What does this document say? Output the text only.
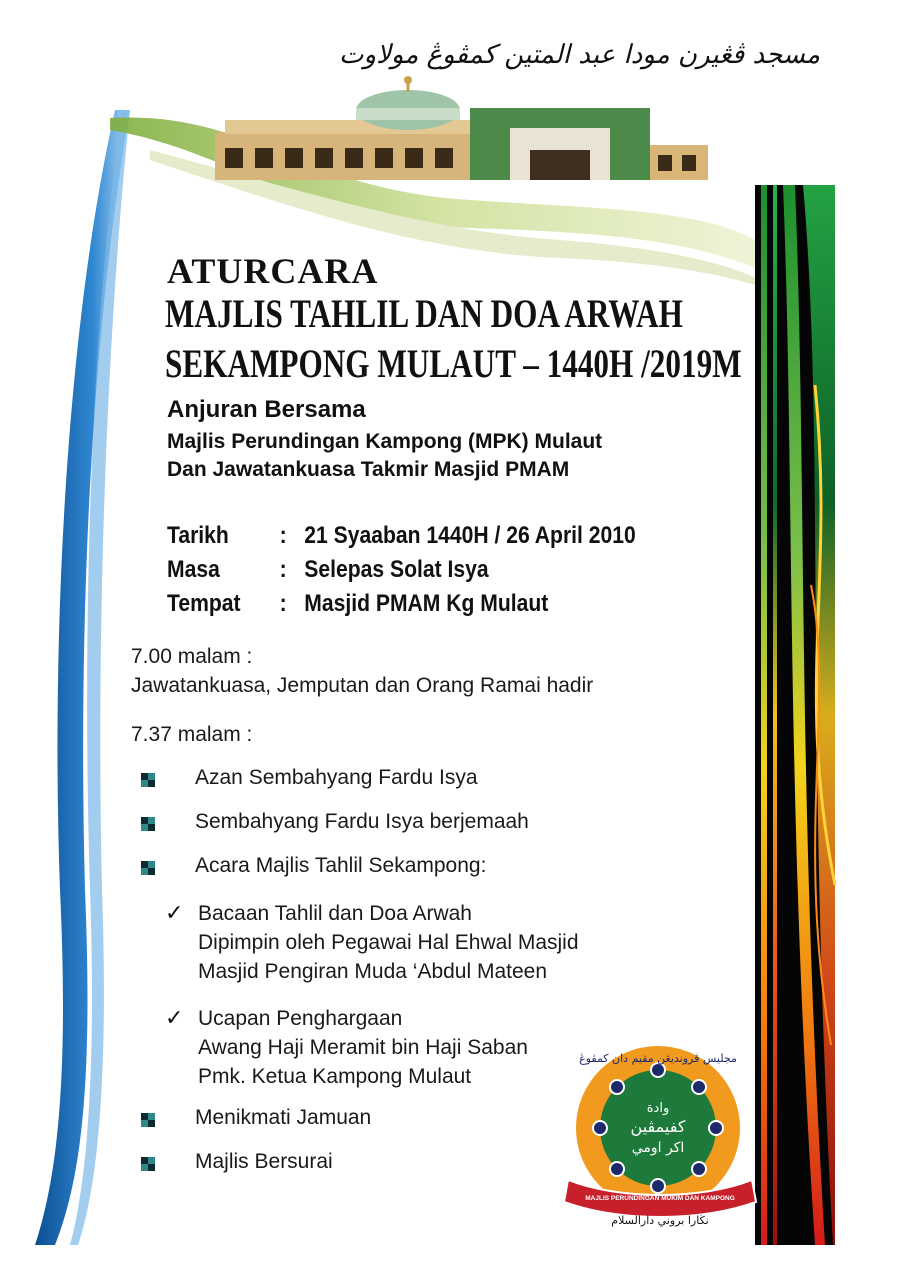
مسجد ڤڠيرن مودا عبد المتين كمڤوڠ مولاوت
ATURCARA
MAJLIS TAHLIL DAN DOA ARWAH
SEKAMPONG MULAUT – 1440H /2019M
Anjuran Bersama
Majlis Perundingan Kampong (MPK) Mulaut
Dan Jawatankuasa Takmir Masjid PMAM
Tarikh : 21 Syaaban 1440H / 26 April 2010
Masa : Selepas Solat Isya
Tempat : Masjid PMAM Kg Mulaut
7.00 malam :
Jawatankuasa, Jemputan dan Orang Ramai hadir
7.37 malam :
Azan Sembahyang Fardu Isya
Sembahyang Fardu Isya berjemaah
Acara Majlis Tahlil Sekampong:
✓ Bacaan Tahlil dan Doa Arwah
Dipimpin oleh Pegawai Hal Ehwal Masjid
Masjid Pengiran Muda ‘Abdul Mateen
✓ Ucapan Penghargaan
Awang Haji Meramit bin Haji Saban
Pmk. Ketua Kampong Mulaut
Menikmati Jamuan
Majlis Bersurai
مجليس ڤرونديڠن مقيم دان كمڤوڠ
وادة
كفيمڤين
اكر اومي
MAJLIS PERUNDINGAN MUKIM DAN KAMPONG
نڬارا بروني دارالسلام
